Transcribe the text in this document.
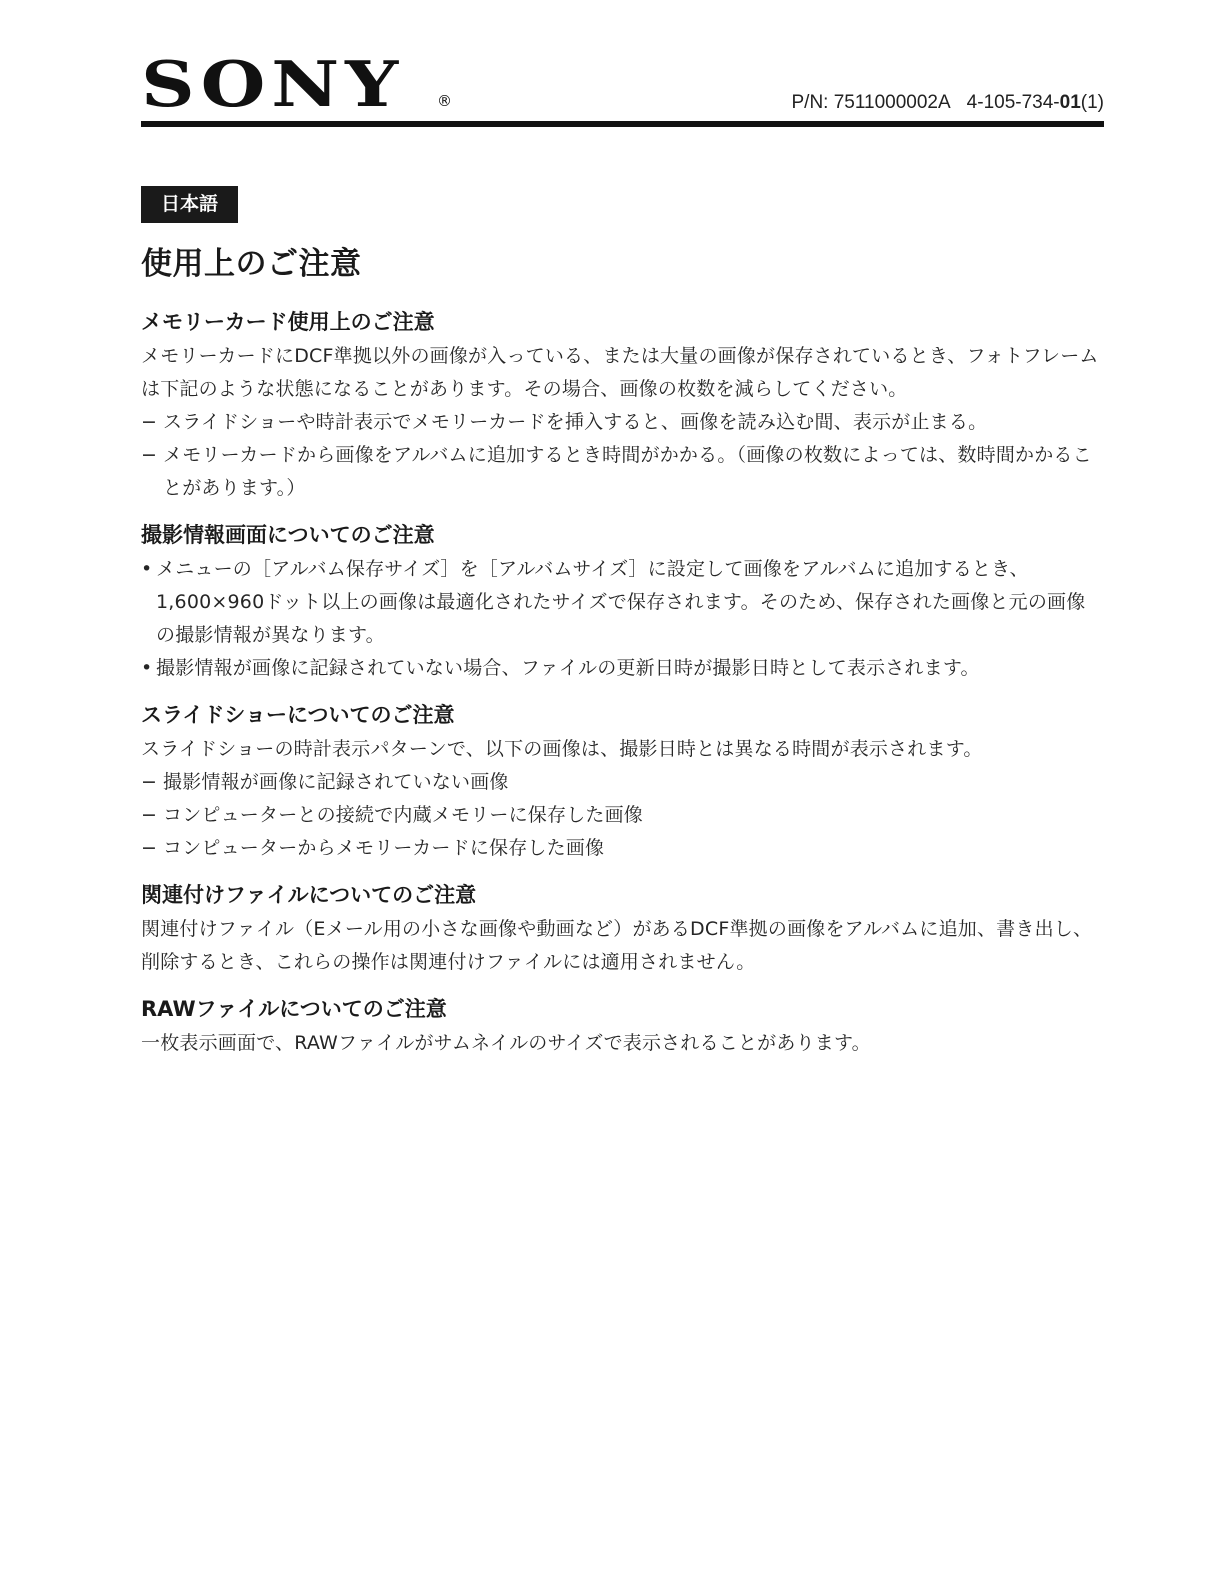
SONY ®	P/N: 7511000002A 4-105-734-01(1)
日本語
使用上のご注意
メモリーカード使用上のご注意

メモリーカードにDCF準拠以外の画像が入っている、または大量の画像が保存されているとき、フォトフレームは下記のような状態になることがあります。その場合、画像の枚数を減らしてください。

− スライドショーや時計表示でメモリーカードを挿入すると、画像を読み込む間、表示が止まる。
− メモリーカードから画像をアルバムに追加するとき時間がかかる。（画像の枚数によっては、数時間かかることがあります。）
撮影情報画面についてのご注意
• メニューの［アルバム保存サイズ］を［アルバムサイズ］に設定して画像をアルバムに追加するとき、1,600×960ドット以上の画像は最適化されたサイズで保存されます。そのため、保存された画像と元の画像の撮影情報が異なります。
• 撮影情報が画像に記録されていない場合、ファイルの更新日時が撮影日時として表示されます。
スライドショーについてのご注意

スライドショーの時計表示パターンで、以下の画像は、撮影日時とは異なる時間が表示されます。

− 撮影情報が画像に記録されていない画像
− コンピューターとの接続で内蔵メモリーに保存した画像
− コンピューターからメモリーカードに保存した画像
関連付けファイルについてのご注意

関連付けファイル（Eメール用の小さな画像や動画など）があるDCF準拠の画像をアルバムに追加、書き出し、削除するとき、これらの操作は関連付けファイルには適用されません。

RAWファイルについてのご注意

一枚表示画面で、RAWファイルがサムネイルのサイズで表示されることがあります。
